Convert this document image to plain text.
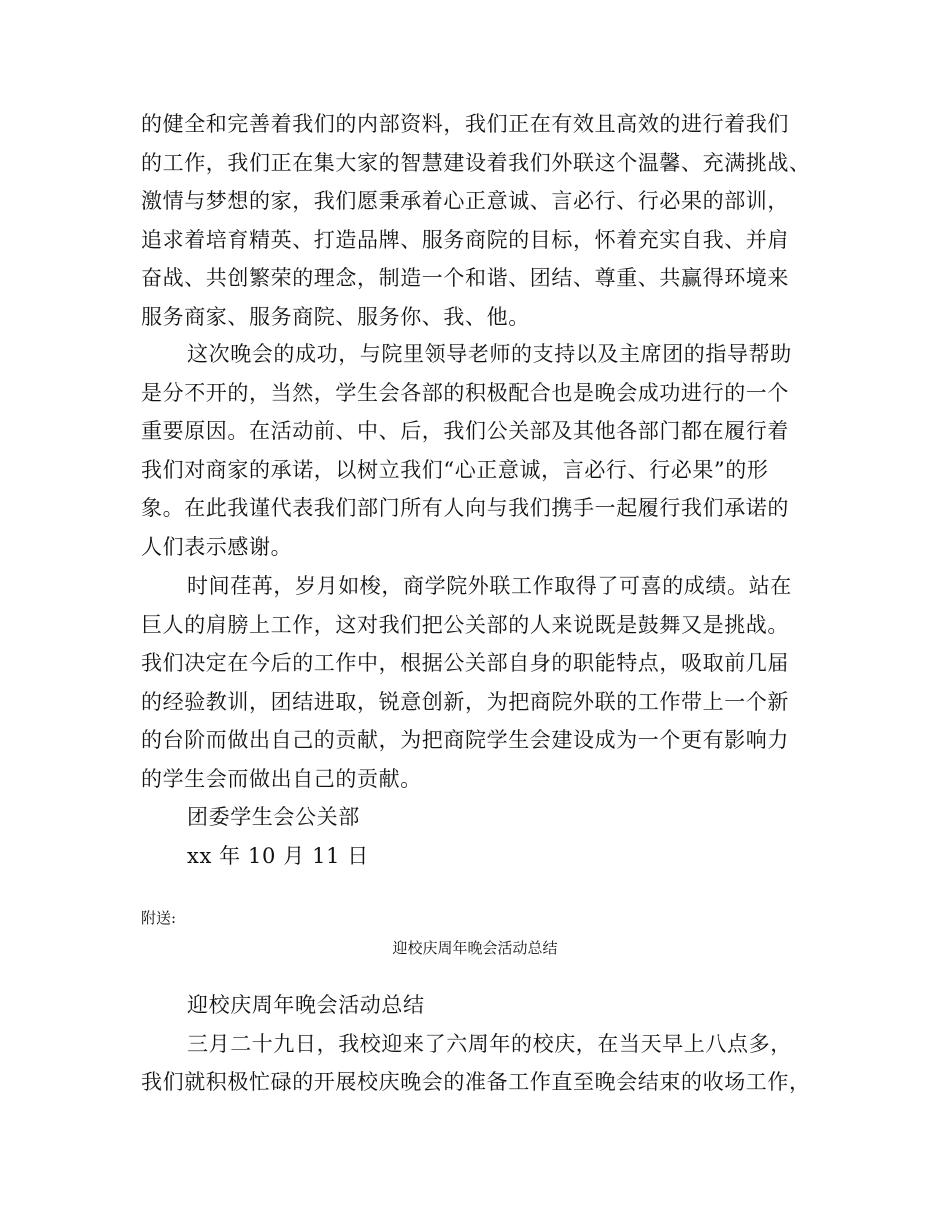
的健全和完善着我们的内部资料，我们正在有效且高效的进行着我们
的工作，我们正在集大家的智慧建设着我们外联这个温馨、充满挑战、
激情与梦想的家，我们愿秉承着心正意诚、言必行、行必果的部训，
追求着培育精英、打造品牌、服务商院的目标，怀着充实自我、并肩
奋战、共创繁荣的理念，制造一个和谐、团结、尊重、共赢得环境来
服务商家、服务商院、服务你、我、他。
这次晚会的成功，与院里领导老师的支持以及主席团的指导帮助
是分不开的，当然，学生会各部的积极配合也是晚会成功进行的一个
重要原因。在活动前、中、后，我们公关部及其他各部门都在履行着
我们对商家的承诺，以树立我们“心正意诚，言必行、行必果”的形
象。在此我谨代表我们部门所有人向与我们携手一起履行我们承诺的
人们表示感谢。
时间荏苒，岁月如梭，商学院外联工作取得了可喜的成绩。站在
巨人的肩膀上工作，这对我们把公关部的人来说既是鼓舞又是挑战。
我们决定在今后的工作中，根据公关部自身的职能特点，吸取前几届
的经验教训，团结进取，锐意创新，为把商院外联的工作带上一个新
的台阶而做出自己的贡献，为把商院学生会建设成为一个更有影响力
的学生会而做出自己的贡献。
团委学生会公关部
xx 年 10 月 11 日
附送:
迎校庆周年晚会活动总结
迎校庆周年晚会活动总结
三月二十九日，我校迎来了六周年的校庆，在当天早上八点多，
我们就积极忙碌的开展校庆晚会的准备工作直至晚会结束的收场工作，
